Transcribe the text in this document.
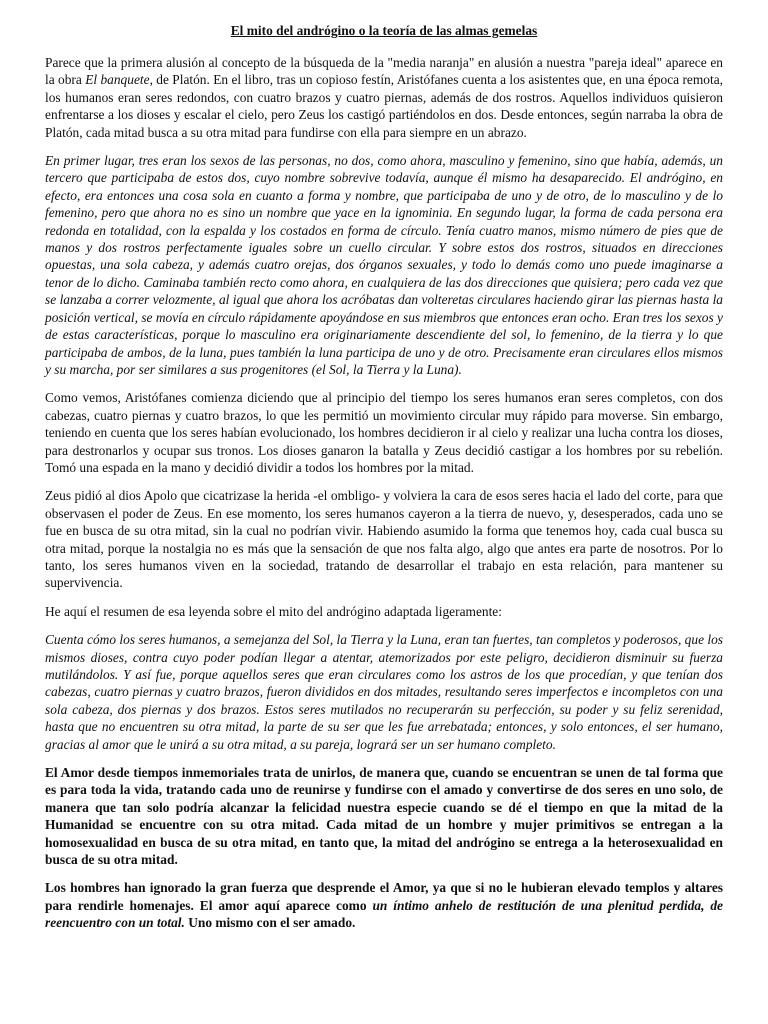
El mito del andrógino o la teoría de las almas gemelas

Parece que la primera alusión al concepto de la búsqueda de la "media naranja" en alusión a nuestra "pareja ideal" aparece en la obra El banquete, de Platón. En el libro, tras un copioso festín, Aristófanes cuenta a los asistentes que, en una época remota, los humanos eran seres redondos, con cuatro brazos y cuatro piernas, además de dos rostros. Aquellos individuos quisieron enfrentarse a los dioses y escalar el cielo, pero Zeus los castigó partiéndolos en dos. Desde entonces, según narraba la obra de Platón, cada mitad busca a su otra mitad para fundirse con ella para siempre en un abrazo.

En primer lugar, tres eran los sexos de las personas, no dos, como ahora, masculino y femenino, sino que había, además, un tercero que participaba de estos dos, cuyo nombre sobrevive todavía, aunque él mismo ha desaparecido. El andrógino, en efecto, era entonces una cosa sola en cuanto a forma y nombre, que participaba de uno y de otro, de lo masculino y de lo femenino, pero que ahora no es sino un nombre que yace en la ignominia. En segundo lugar, la forma de cada persona era redonda en totalidad, con la espalda y los costados en forma de círculo. Tenía cuatro manos, mismo número de pies que de manos y dos rostros perfectamente iguales sobre un cuello circular. Y sobre estos dos rostros, situados en direcciones opuestas, una sola cabeza, y además cuatro orejas, dos órganos sexuales, y todo lo demás como uno puede imaginarse a tenor de lo dicho. Caminaba también recto como ahora, en cualquiera de las dos direcciones que quisiera; pero cada vez que se lanzaba a correr velozmente, al igual que ahora los acróbatas dan volteretas circulares haciendo girar las piernas hasta la posición vertical, se movía en círculo rápidamente apoyándose en sus miembros que entonces eran ocho. Eran tres los sexos y de estas características, porque lo masculino era originariamente descendiente del sol, lo femenino, de la tierra y lo que participaba de ambos, de la luna, pues también la luna participa de uno y de otro. Precisamente eran circulares ellos mismos y su marcha, por ser similares a sus progenitores (el Sol, la Tierra y la Luna).

Como vemos, Aristófanes comienza diciendo que al principio del tiempo los seres humanos eran seres completos, con dos cabezas, cuatro piernas y cuatro brazos, lo que les permitió un movimiento circular muy rápido para moverse. Sin embargo, teniendo en cuenta que los seres habían evolucionado, los hombres decidieron ir al cielo y realizar una lucha contra los dioses, para destronarlos y ocupar sus tronos. Los dioses ganaron la batalla y Zeus decidió castigar a los hombres por su rebelión. Tomó una espada en la mano y decidió dividir a todos los hombres por la mitad.

Zeus pidió al dios Apolo que cicatrizase la herida -el ombligo- y volviera la cara de esos seres hacia el lado del corte, para que observasen el poder de Zeus. En ese momento, los seres humanos cayeron a la tierra de nuevo, y, desesperados, cada uno se fue en busca de su otra mitad, sin la cual no podrían vivir. Habiendo asumido la forma que tenemos hoy, cada cual busca su otra mitad, porque la nostalgia no es más que la sensación de que nos falta algo, algo que antes era parte de nosotros. Por lo tanto, los seres humanos viven en la sociedad, tratando de desarrollar el trabajo en esta relación, para mantener su supervivencia.

He aquí el resumen de esa leyenda sobre el mito del andrógino adaptada ligeramente:

Cuenta cómo los seres humanos, a semejanza del Sol, la Tierra y la Luna, eran tan fuertes, tan completos y poderosos, que los mismos dioses, contra cuyo poder podían llegar a atentar, atemorizados por este peligro, decidieron disminuir su fuerza mutilándolos. Y así fue, porque aquellos seres que eran circulares como los astros de los que procedían, y que tenían dos cabezas, cuatro piernas y cuatro brazos, fueron divididos en dos mitades, resultando seres imperfectos e incompletos con una sola cabeza, dos piernas y dos brazos. Estos seres mutilados no recuperarán su perfección, su poder y su feliz serenidad, hasta que no encuentren su otra mitad, la parte de su ser que les fue arrebatada; entonces, y solo entonces, el ser humano, gracias al amor que le unirá a su otra mitad, a su pareja, logrará ser un ser humano completo.

El Amor desde tiempos inmemoriales trata de unirlos, de manera que, cuando se encuentran se unen de tal forma que es para toda la vida, tratando cada uno de reunirse y fundirse con el amado y convertirse de dos seres en uno solo, de manera que tan solo podría alcanzar la felicidad nuestra especie cuando se dé el tiempo en que la mitad de la Humanidad se encuentre con su otra mitad. Cada mitad de un hombre y mujer primitivos se entregan a la homosexualidad en busca de su otra mitad, en tanto que, la mitad del andrógino se entrega a la heterosexualidad en busca de su otra mitad.

Los hombres han ignorado la gran fuerza que desprende el Amor, ya que si no le hubieran elevado templos y altares para rendirle homenajes. El amor aquí aparece como un íntimo anhelo de restitución de una plenitud perdida, de reencuentro con un total. Uno mismo con el ser amado.
